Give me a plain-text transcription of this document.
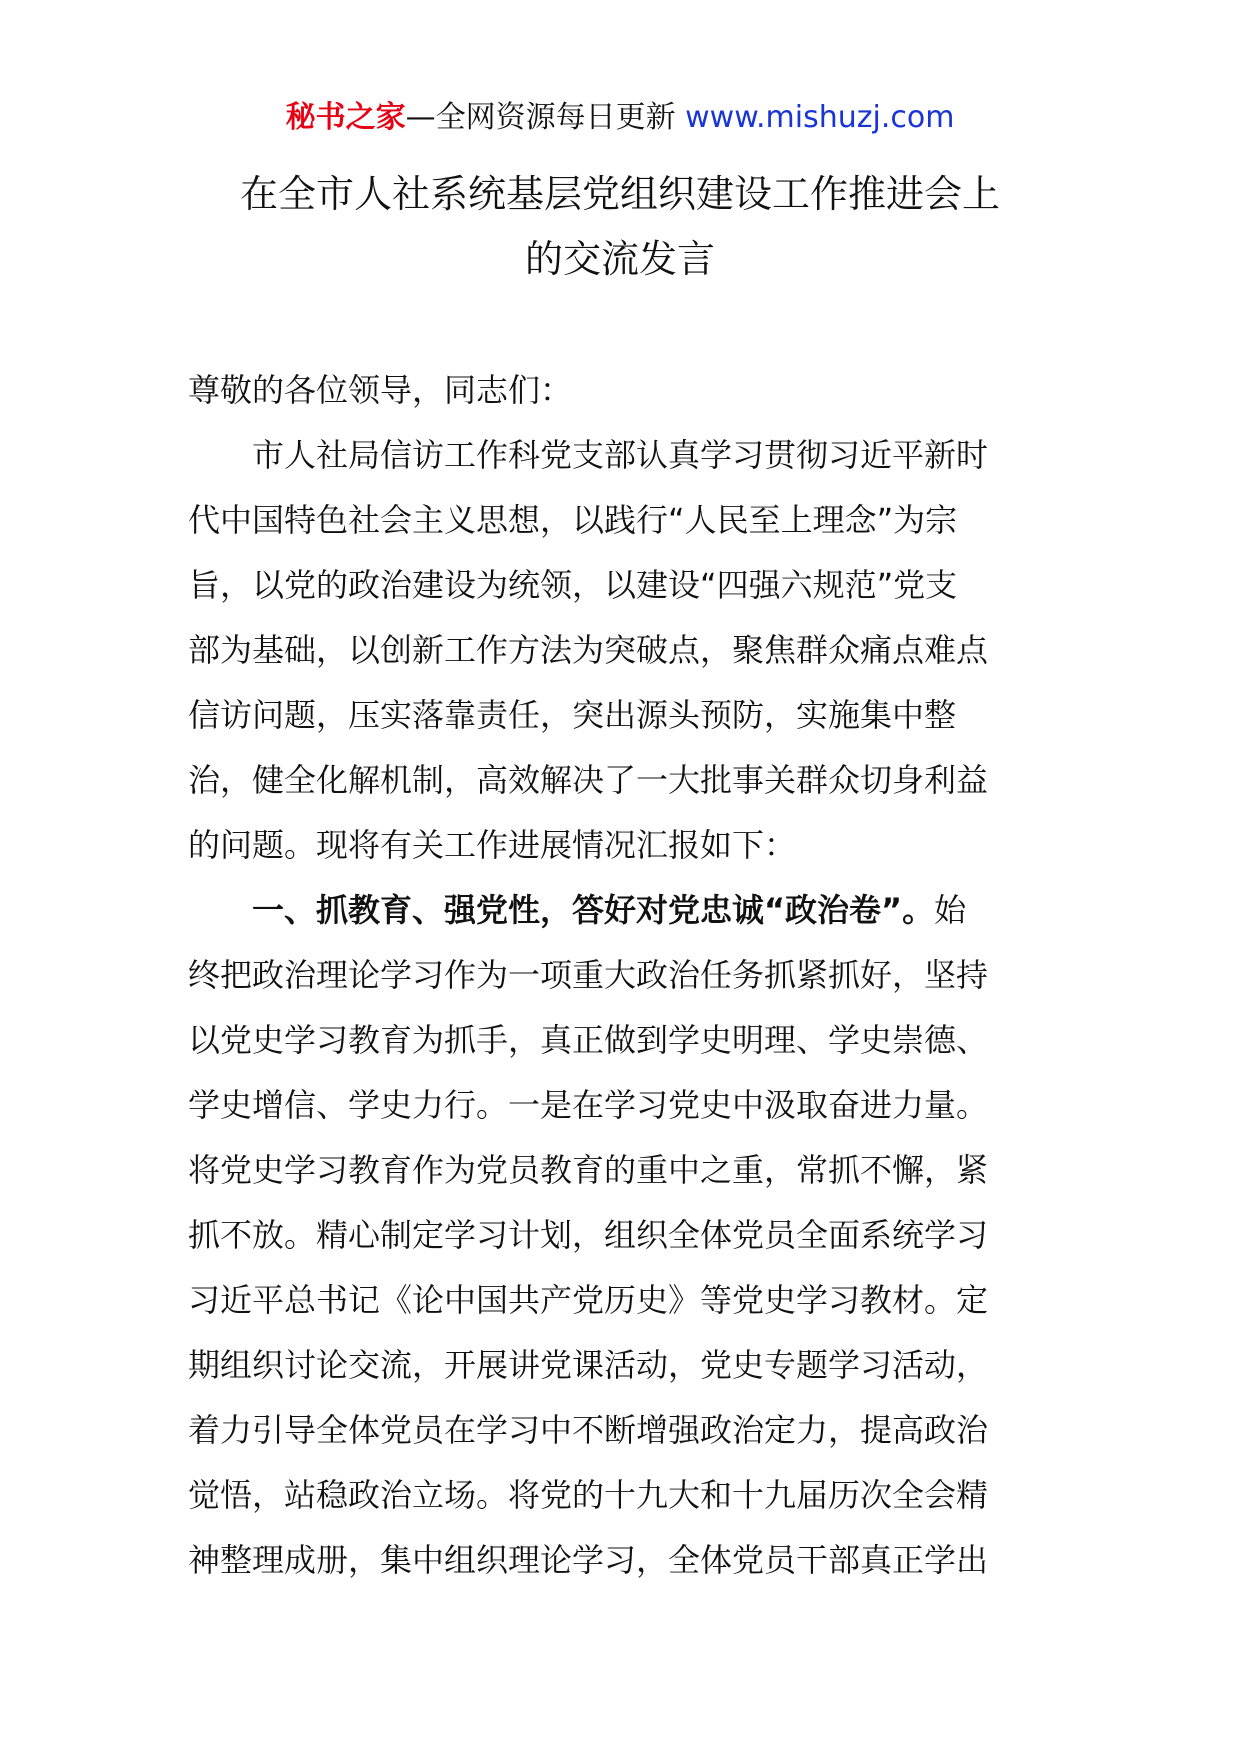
秘书之家—全网资源每日更新 www.mishuzj.com
在全市人社系统基层党组织建设工作推进会上
的交流发言
尊敬的各位领导，同志们：
市人社局信访工作科党支部认真学习贯彻习近平新时
代中国特色社会主义思想，以践行“人民至上理念”为宗
旨，以党的政治建设为统领，以建设“四强六规范”党支
部为基础，以创新工作方法为突破点，聚焦群众痛点难点
信访问题，压实落靠责任，突出源头预防，实施集中整
治，健全化解机制，高效解决了一大批事关群众切身利益
的问题。现将有关工作进展情况汇报如下：
一、抓教育、强党性，答好对党忠诚“政治卷”。始
终把政治理论学习作为一项重大政治任务抓紧抓好，坚持
以党史学习教育为抓手，真正做到学史明理、学史崇德、
学史增信、学史力行。一是在学习党史中汲取奋进力量。
将党史学习教育作为党员教育的重中之重，常抓不懈，紧
抓不放。精心制定学习计划，组织全体党员全面系统学习
习近平总书记《论中国共产党历史》等党史学习教材。定
期组织讨论交流，开展讲党课活动，党史专题学习活动，
着力引导全体党员在学习中不断增强政治定力，提高政治
觉悟，站稳政治立场。将党的十九大和十九届历次全会精
神整理成册，集中组织理论学习，全体党员干部真正学出
